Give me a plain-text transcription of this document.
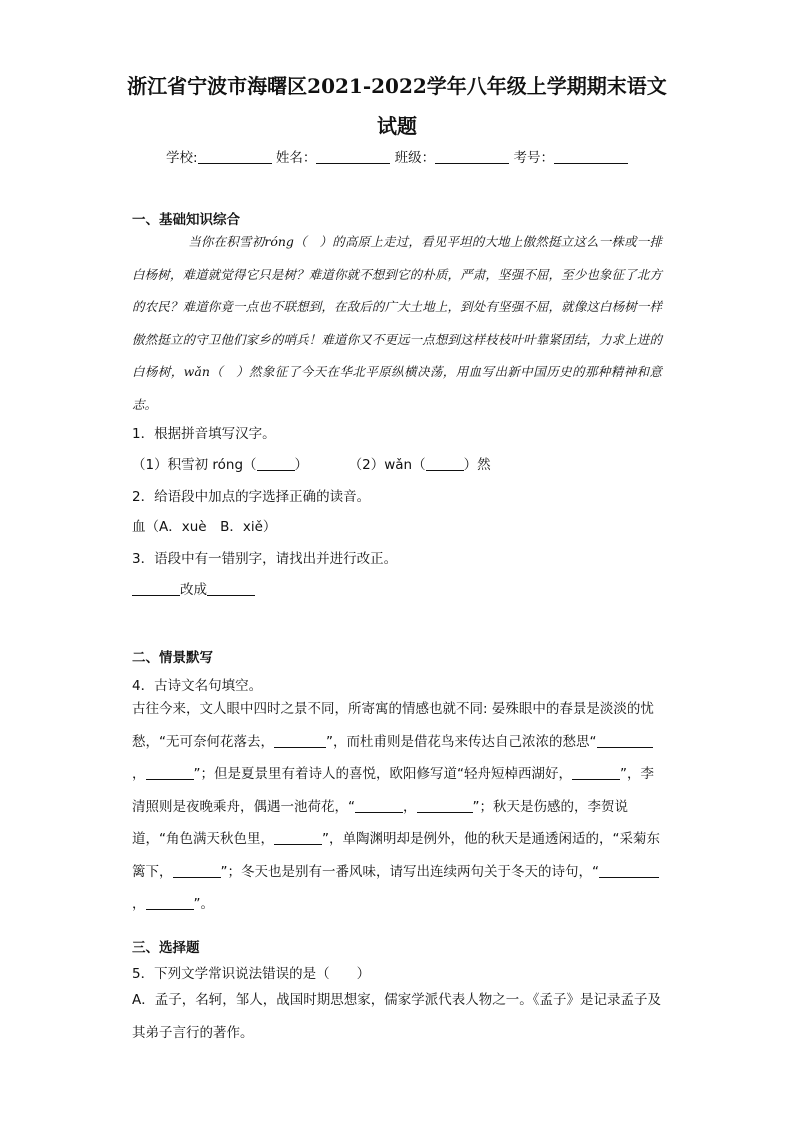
浙江省宁波市海曙区2021-2022学年八年级上学期期末语文
试题
学校:	姓名：	班级：	考号：
一、基础知识综合
当你在积雪初róng（　）的高原上走过，看见平坦的大地上傲然挺立这么一株或一排白杨树，难道就觉得它只是树？难道你就不想到它的朴质，严肃，坚强不屈，至少也象征了北方的农民？难道你竟一点也不联想到，在敌后的广大土地上，到处有坚强不屈，就像这白杨树一样傲然挺立的守卫他们家乡的哨兵！难道你又不更远一点想到这样枝枝叶叶靠紧团结，力求上进的白杨树，wǎn（　）然象征了今天在华北平原纵横决荡，用血写出新中国历史的那种精神和意志。
1．根据拼音填写汉字。
（1）积雪初 róng（	）	（2）wǎn（	）然
2．给语段中加点的字选择正确的读音。
血（A．xuè　B．xiě）
3．语段中有一错别字，请找出并进行改正。
改成
二、情景默写
4．古诗文名句填空。
古往今来，文人眼中四时之景不同，所寄寓的情感也就不同: 晏殊眼中的春景是淡淡的忧愁，“无可奈何花落去，	”，而杜甫则是借花鸟来传达自己浓浓的愁思“，	”；但是夏景里有着诗人的喜悦，欧阳修写道“轻舟短棹西湖好，	”，李清照则是夜晚乘舟，偶遇一池荷花，“	，	”；秋天是伤感的，李贺说道，“角色满天秋色里，	”，单陶渊明却是例外，他的秋天是通透闲适的，“采菊东篱下，	”；冬天也是别有一番风味，请写出连续两句关于冬天的诗句，“，	”。
三、选择题
5．下列文学常识说法错误的是（　　）
A．孟子，名轲，邹人，战国时期思想家，儒家学派代表人物之一。《孟子》是记录孟子及其弟子言行的著作。
